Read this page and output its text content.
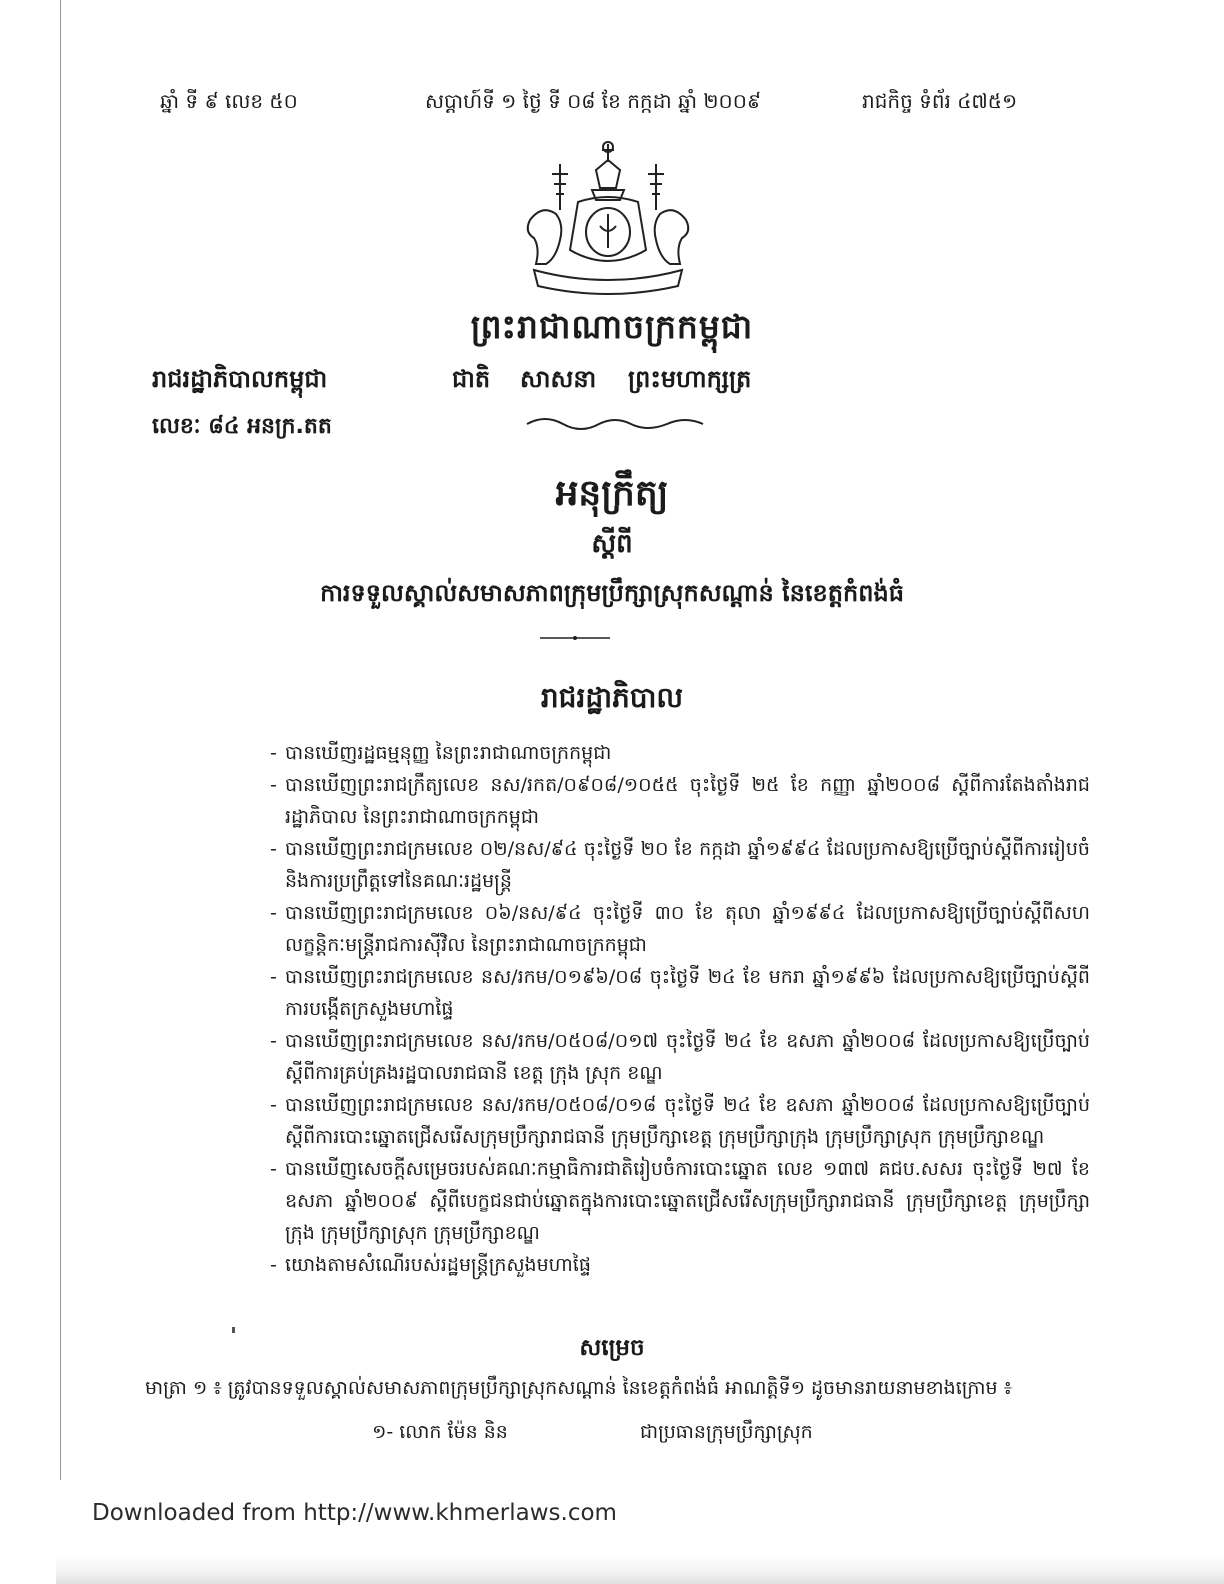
ឆ្នាំ ទី ៩ លេខ ៥០	សប្តាហ៍ទី ១ ថ្ងៃ ទី ០៨ ខែ កក្កដា ឆ្នាំ ២០០៩	រាជកិច្ច ទំព័រ ៤៧៥១
ព្រះរាជាណាចក្រកម្ពុជា
រាជរដ្ឋាភិបាលកម្ពុជា	ជាតិ សាសនា ព្រះមហាក្សត្រ
លេខៈ ៨៤ អនក្រ.តត
អនុក្រឹត្យ
ស្តីពី
ការទទួលស្គាល់សមាសភាពក្រុមប្រឹក្សាស្រុកសណ្តាន់ នៃខេត្តកំពង់ធំ
រាជរដ្ឋាភិបាល
- បានឃើញរដ្ឋធម្មនុញ្ញ នៃព្រះរាជាណាចក្រកម្ពុជា
- បានឃើញព្រះរាជក្រឹត្យលេខ នស/រកត/០៩០៨/១០៥៥ ចុះថ្ងៃទី ២៥ ខែ កញ្ញា ឆ្នាំ២០០៨ ស្តីពីការតែងតាំងរាជរដ្ឋាភិបាល នៃព្រះរាជាណាចក្រកម្ពុជា
- បានឃើញព្រះរាជក្រមលេខ ០២/នស/៩៤ ចុះថ្ងៃទី ២០ ខែ កក្កដា ឆ្នាំ១៩៩៤ ដែលប្រកាសឱ្យប្រើច្បាប់ស្តីពីការរៀបចំ និងការប្រព្រឹត្តទៅនៃគណៈរដ្ឋមន្ត្រី
- បានឃើញព្រះរាជក្រមលេខ ០៦/នស/៩៤ ចុះថ្ងៃទី ៣០ ខែ តុលា ឆ្នាំ១៩៩៤ ដែលប្រកាសឱ្យប្រើច្បាប់ស្តីពីសហលក្ខន្តិកៈមន្ត្រីរាជការស៊ីវិល នៃព្រះរាជាណាចក្រកម្ពុជា
- បានឃើញព្រះរាជក្រមលេខ នស/រកម/០១៩៦/០៨ ចុះថ្ងៃទី ២៤ ខែ មករា ឆ្នាំ១៩៩៦ ដែលប្រកាសឱ្យប្រើច្បាប់ស្តីពីការបង្កើតក្រសួងមហាផ្ទៃ
- បានឃើញព្រះរាជក្រមលេខ នស/រកម/០៥០៨/០១៧ ចុះថ្ងៃទី ២៤ ខែ ឧសភា ឆ្នាំ២០០៨ ដែលប្រកាសឱ្យប្រើច្បាប់ស្តីពីការគ្រប់គ្រងរដ្ឋបាលរាជធានី ខេត្ត ក្រុង ស្រុក ខណ្ឌ
- បានឃើញព្រះរាជក្រមលេខ នស/រកម/០៥០៨/០១៨ ចុះថ្ងៃទី ២៤ ខែ ឧសភា ឆ្នាំ២០០៨ ដែលប្រកាសឱ្យប្រើច្បាប់ស្តីពីការបោះឆ្នោតជ្រើសរើសក្រុមប្រឹក្សារាជធានី ក្រុមប្រឹក្សាខេត្ត ក្រុមប្រឹក្សាក្រុង ក្រុមប្រឹក្សាស្រុក ក្រុមប្រឹក្សាខណ្ឌ
- បានឃើញសេចក្តីសម្រេចរបស់គណៈកម្មាធិការជាតិរៀបចំការបោះឆ្នោត លេខ ១៣៧ គជប.សសរ ចុះថ្ងៃទី ២៧ ខែ ឧសភា ឆ្នាំ២០០៩ ស្តីពីបេក្ខជនជាប់ឆ្នោតក្នុងការបោះឆ្នោតជ្រើសរើសក្រុមប្រឹក្សារាជធានី ក្រុមប្រឹក្សាខេត្ត ក្រុមប្រឹក្សាក្រុង ក្រុមប្រឹក្សាស្រុក ក្រុមប្រឹក្សាខណ្ឌ
- យោងតាមសំណើរបស់រដ្ឋមន្ត្រីក្រសួងមហាផ្ទៃ
សម្រេច
មាត្រា ១ ៖ ត្រូវបានទទួលស្គាល់សមាសភាពក្រុមប្រឹក្សាស្រុកសណ្តាន់ នៃខេត្តកំពង់ធំ អាណត្តិទី១ ដូចមានរាយនាមខាងក្រោម ៖
១- លោក ម៉ែន និន	ជាប្រធានក្រុមប្រឹក្សាស្រុក
Downloaded from http://www.khmerlaws.com
